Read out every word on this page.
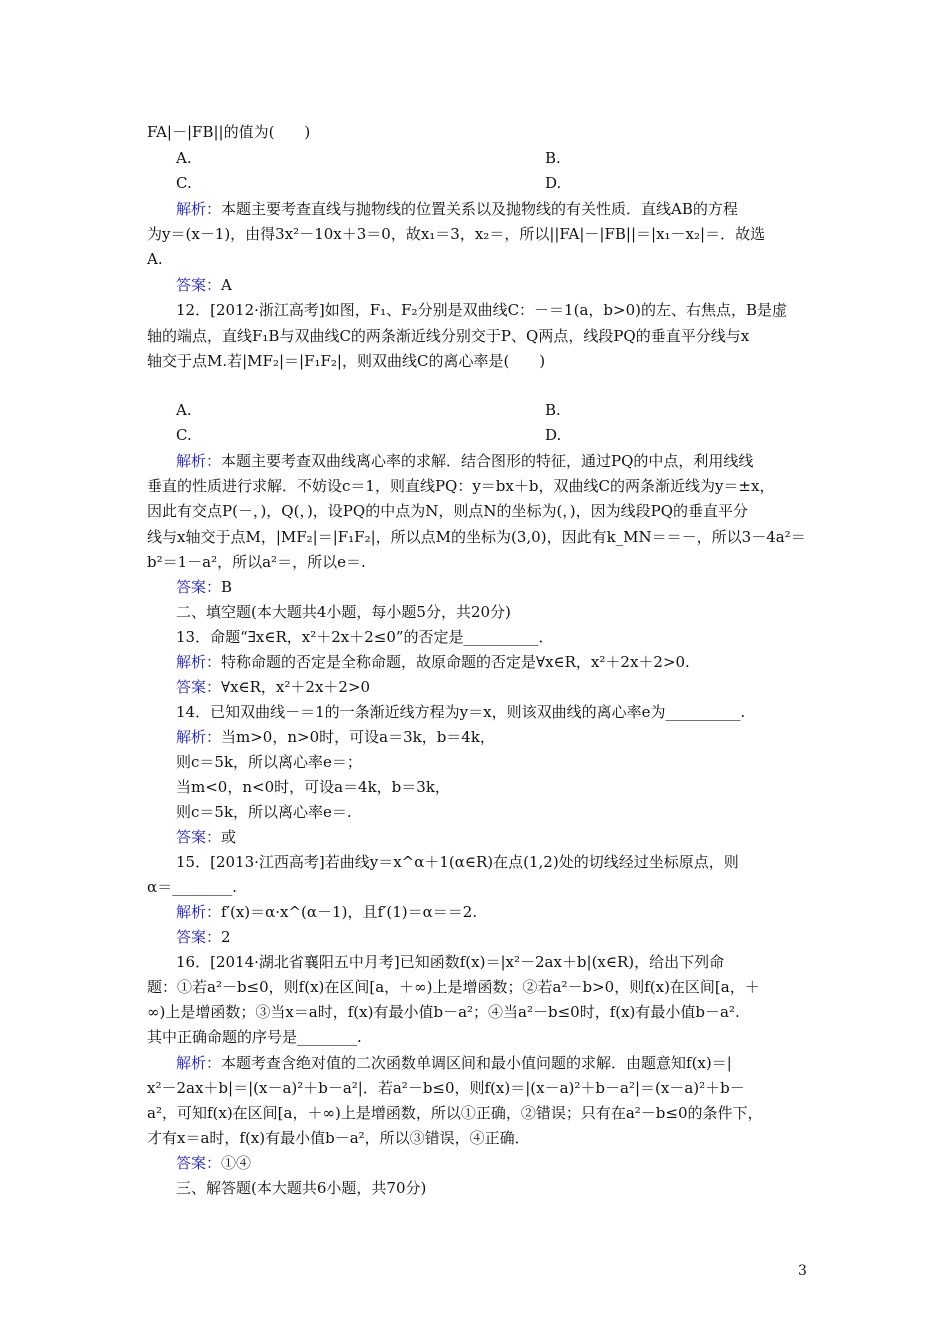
FA|－|FB||的值为(　　)
A.	B.
C.	D.
解析：本题主要考查直线与抛物线的位置关系以及抛物线的有关性质．直线AB的方程
为y＝(x－1)，由得3x²－10x＋3＝0，故x₁＝3，x₂＝，所以||FA|－|FB||＝|x₁－x₂|＝．故选
A.
答案：A
12．[2012·浙江高考]如图，F₁、F₂分别是双曲线C：－＝1(a，b>0)的左、右焦点，B是虚
轴的端点，直线F₁B与双曲线C的两条渐近线分别交于P、Q两点，线段PQ的垂直平分线与x
轴交于点M.若|MF₂|＝|F₁F₂|，则双曲线C的离心率是(　　)
A.	B.
C.	D.
解析：本题主要考查双曲线离心率的求解．结合图形的特征，通过PQ的中点，利用线线
垂直的性质进行求解．不妨设c＝1，则直线PQ：y＝bx＋b，双曲线C的两条渐近线为y＝±x，
因此有交点P(－，)，Q(，)，设PQ的中点为N，则点N的坐标为(，)，因为线段PQ的垂直平分
线与x轴交于点M，|MF₂|＝|F₁F₂|，所以点M的坐标为(3,0)，因此有k_MN＝＝－，所以3－4a²＝
b²＝1－a²，所以a²＝，所以e＝.
答案：B
二、填空题(本大题共4小题，每小题5分，共20分)
13．命题“∃x∈R，x²＋2x＋2≤0”的否定是__________．
解析：特称命题的否定是全称命题，故原命题的否定是∀x∈R，x²＋2x＋2>0.
答案：∀x∈R，x²＋2x＋2>0
14．已知双曲线－＝1的一条渐近线方程为y＝x，则该双曲线的离心率e为__________.
解析：当m>0，n>0时，可设a＝3k，b＝4k，
则c＝5k，所以离心率e＝；
当m<0，n<0时，可设a＝4k，b＝3k，
则c＝5k，所以离心率e＝.
答案：或
15．[2013·江西高考]若曲线y＝x^α＋1(α∈R)在点(1,2)处的切线经过坐标原点，则
α＝________.
解析：f′(x)＝α·x^(α－1)，且f′(1)＝α＝＝2.
答案：2
16．[2014·湖北省襄阳五中月考]已知函数f(x)＝|x²－2ax＋b|(x∈R)，给出下列命
题：①若a²－b≤0，则f(x)在区间[a，＋∞)上是增函数；②若a²－b>0，则f(x)在区间[a，＋
∞)上是增函数；③当x＝a时，f(x)有最小值b－a²；④当a²－b≤0时，f(x)有最小值b－a².
其中正确命题的序号是________.
解析：本题考查含绝对值的二次函数单调区间和最小值问题的求解．由题意知f(x)＝|
x²－2ax＋b|＝|(x－a)²＋b－a²|．若a²－b≤0，则f(x)＝|(x－a)²＋b－a²|＝(x－a)²＋b－
a²，可知f(x)在区间[a，＋∞)上是增函数，所以①正确，②错误；只有在a²－b≤0的条件下，
才有x＝a时，f(x)有最小值b－a²，所以③错误，④正确．
答案：①④
三、解答题(本大题共6小题，共70分)
3
